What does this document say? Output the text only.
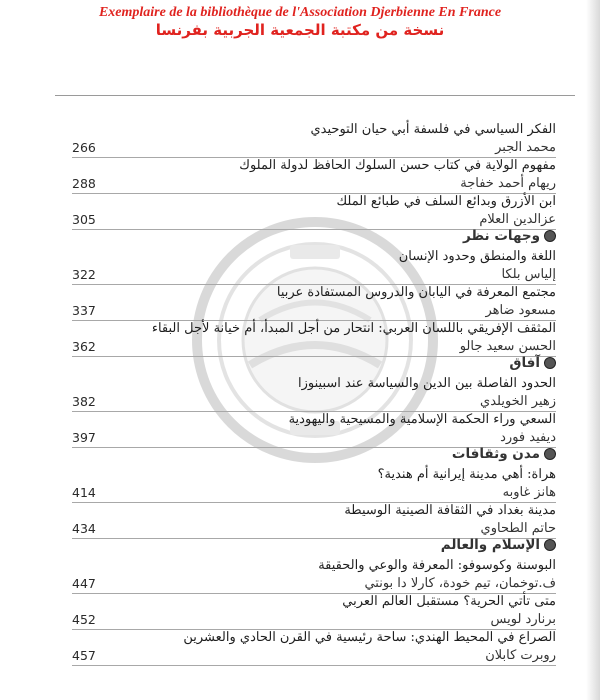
Exemplaire de la bibliothèque de l'Association Djerbienne En France
نسخة من مكتبة الجمعية الجربية بفرنسا
الفكر السياسي في فلسفة أبي حيان التوحيدي
266	محمد الجبر
مفهوم الولاية في كتاب حسن السلوك الحافظ لدولة الملوك
288	ريهام أحمد خفاجة
ابن الأزرق وبدائع السلف في طبائع الملك
305	عزالدين العلام
وجهات نظر
اللغة والمنطق وحدود الإنسان
322	إلياس بلكا
مجتمع المعرفة في اليابان والدروس المستفادة عربيا
337	مسعود ضاهر
المثقف الإفريقي باللسان العربي: انتحار من أجل المبدأ، أم خيانة لأجل البقاء
362	الحسن سعيد جالو
آفاق
الحدود الفاصلة بين الدين والسياسة عند اسبينوزا
382	زهير الخويلدي
السعي وراء الحكمة الإسلامية والمسيحية واليهودية
397	ديفيد فورد
مدن وثقافات
هراة: أهي مدينة إيرانية أم هندية؟
414	هانز غاوبه
مدينة بغداد في الثقافة الصينية الوسيطة
434	حاتم الطحاوي
الإسلام والعالم
البوسنة وكوسوفو: المعرفة والوعي والحقيقة
447	ف.توخمان، تيم خودة، كارلا دا بونتي
متى تأتي الحرية؟ مستقبل العالم العربي
452	برنارد لويس
الصراع في المحيط الهندي: ساحة رئيسية في القرن الحادي والعشرين
457	روبرت كابلان
